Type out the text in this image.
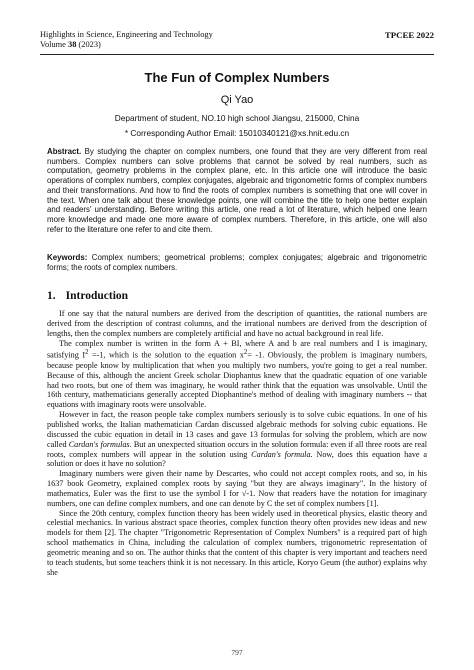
Highlights in Science, Engineering and Technology	TPCEE 2022
Volume 38 (2023)
The Fun of Complex Numbers
Qi Yao
Department of student, NO.10 high school Jiangsu, 215000, China
* Corresponding Author Email: 15010340121@xs.hnit.edu.cn
Abstract. By studying the chapter on complex numbers, one found that they are very different from real numbers. Complex numbers can solve problems that cannot be solved by real numbers, such as computation, geometry problems in the complex plane, etc. In this article one will introduce the basic operations of complex numbers, complex conjugates, algebraic and trigonometric forms of complex numbers and their transformations. And how to find the roots of complex numbers is something that one will cover in the text. When one talk about these knowledge points, one will combine the title to help one better explain and readers' understanding. Before writing this article, one read a lot of literature, which helped one learn more knowledge and made one more aware of complex numbers. Therefore, in this article, one will also refer to the literature one refer to and cite them.
Keywords: Complex numbers; geometrical problems; complex conjugates; algebraic and trigonometric forms; the roots of complex numbers.
1. Introduction

If one say that the natural numbers are derived from the description of quantities, the rational numbers are derived from the description of contrast columns, and the irrational numbers are derived from the description of lengths, then the complex numbers are completely artificial and have no actual background in real life.

The complex number is written in the form A + BI, where A and b are real numbers and I is imaginary, satisfying $I^2 =-1$, which is the solution to the equation $x^2= -1$. Obviously, the problem is imaginary numbers, because people know by multiplication that when you multiply two numbers, you're going to get a real number. Because of this, although the ancient Greek scholar Diophantus knew that the quadratic equation of one variable had two roots, but one of them was imaginary, he would rather think that the equation was unsolvable. Until the 16th century, mathematicians generally accepted Diophantine's method of dealing with imaginary numbers -- that equations with imaginary roots were unsolvable.

However in fact, the reason people take complex numbers seriously is to solve cubic equations. In one of his published works, the Italian mathematician Cardan discussed algebraic methods for solving cubic equations. He discussed the cubic equation in detail in 13 cases and gave 13 formulas for solving the problem, which are now called Cardan's formulas. But an unexpected situation occurs in the solution formula: even if all three roots are real roots, complex numbers will appear in the solution using Cardan's formula. Now, does this equation have a solution or does it have no solution?

Imaginary numbers were given their name by Descartes, who could not accept complex roots, and so, in his 1637 book Geometry, explained complex roots by saying "but they are always imaginary". In the history of mathematics, Euler was the first to use the symbol I for √-1. Now that readers have the notation for imaginary numbers, one can define complex numbers, and one can denote by C the set of complex numbers [1].

Since the 20th century, complex function theory has been widely used in theoretical physics, elastic theory and celestial mechanics. In various abstract space theories, complex function theory often provides new ideas and new models for them [2]. The chapter "Trigonometric Representation of Complex Numbers" is a required part of high school mathematics in China, including the calculation of complex numbers, trigonometric representation of geometric meaning and so on. The author thinks that the content of this chapter is very important and teachers need to teach students, but some teachers think it is not necessary. In this article, Koryo Geum (the author) explains why she

797
